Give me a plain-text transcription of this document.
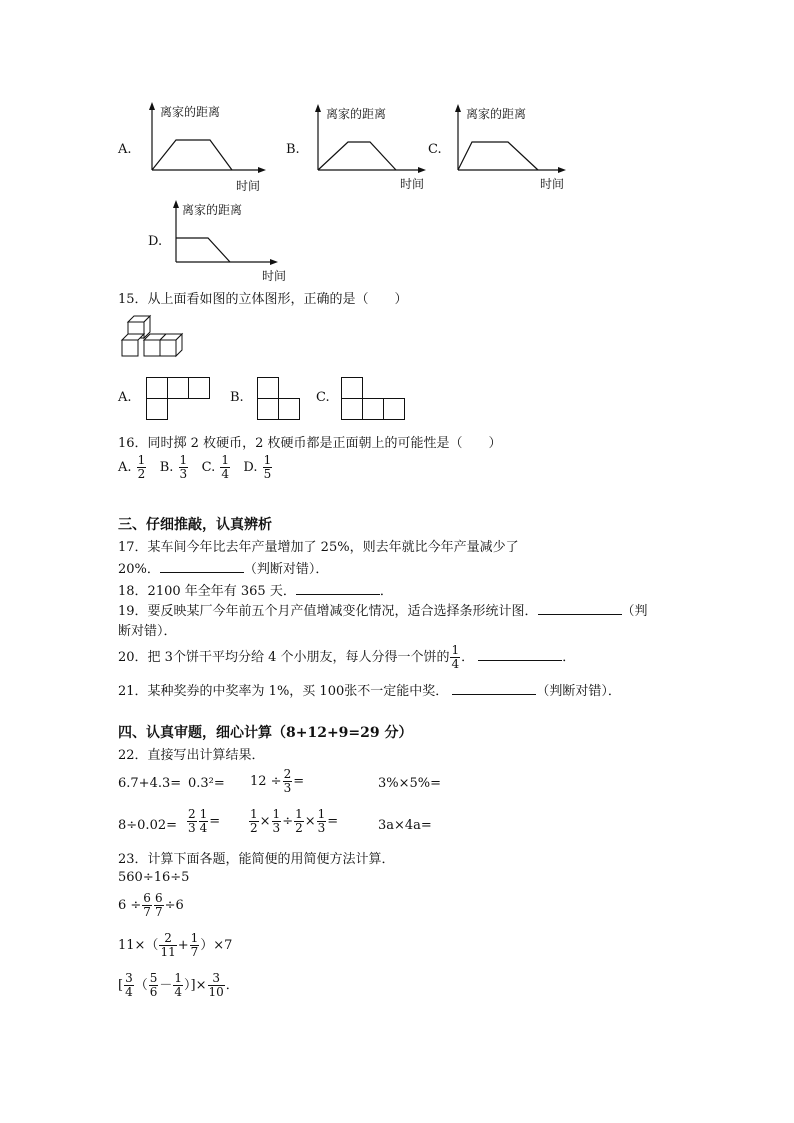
A.
离家的距离
时间
B.
离家的距离
时间
C.
离家的距离
时间
D.
离家的距离
时间
15．从上面看如图的立体图形，正确的是（　　）
A.	B.	C.
16．同时掷 2 枚硬币，2 枚硬币都是正面朝上的可能性是（　　）
A. $\frac{1}{2} B$. $\frac{1}{3} C$. $\frac{1}{4} D$. $\frac{1}{5}$
三、仔细推敲，认真辨析
17．某车间今年比去年产量增加了 25%，则去年就比今年产量减少了
20%．	（判断对错）．
18．2100 年全年有 365 天．	．
19．要反映某厂今年前五个月产值增减变化情况，适合选择条形统计图．	（判
断对错）．
20．把 3个饼干平均分给 4 个小朋友，每人分得一个饼的 $\frac{1}{4}$ ．	．
21．某种奖券的中奖率为 1%，买 100张不一定能中奖．	（判断对错）．
四、认真审题，细心计算（8+12+9=29 分）
22．直接写出计算结果．
$6.7+4.3= 0.3^2= 12 \div \frac{2}{3}$ =	3%×5%=
$8\div 0.02= \frac{2}{3} \frac{1}{4} = \frac{1}{2} \times \frac{1}{3} \div \frac{1}{2} \times \frac{1}{3}$ =	3a×4a=
23．计算下面各题，能简便的用简便方法计算．
560÷16÷5
$6 \div \frac{6}{7} \frac{6}{7} \div 6$
$11\times( \frac{2}{11} + \frac{1}{7} )\times 7$
[ $\frac{3}{4}$ （ $\frac{5}{6} - \frac{1}{4}$ ）]× $\frac{3}{10}$ ．
